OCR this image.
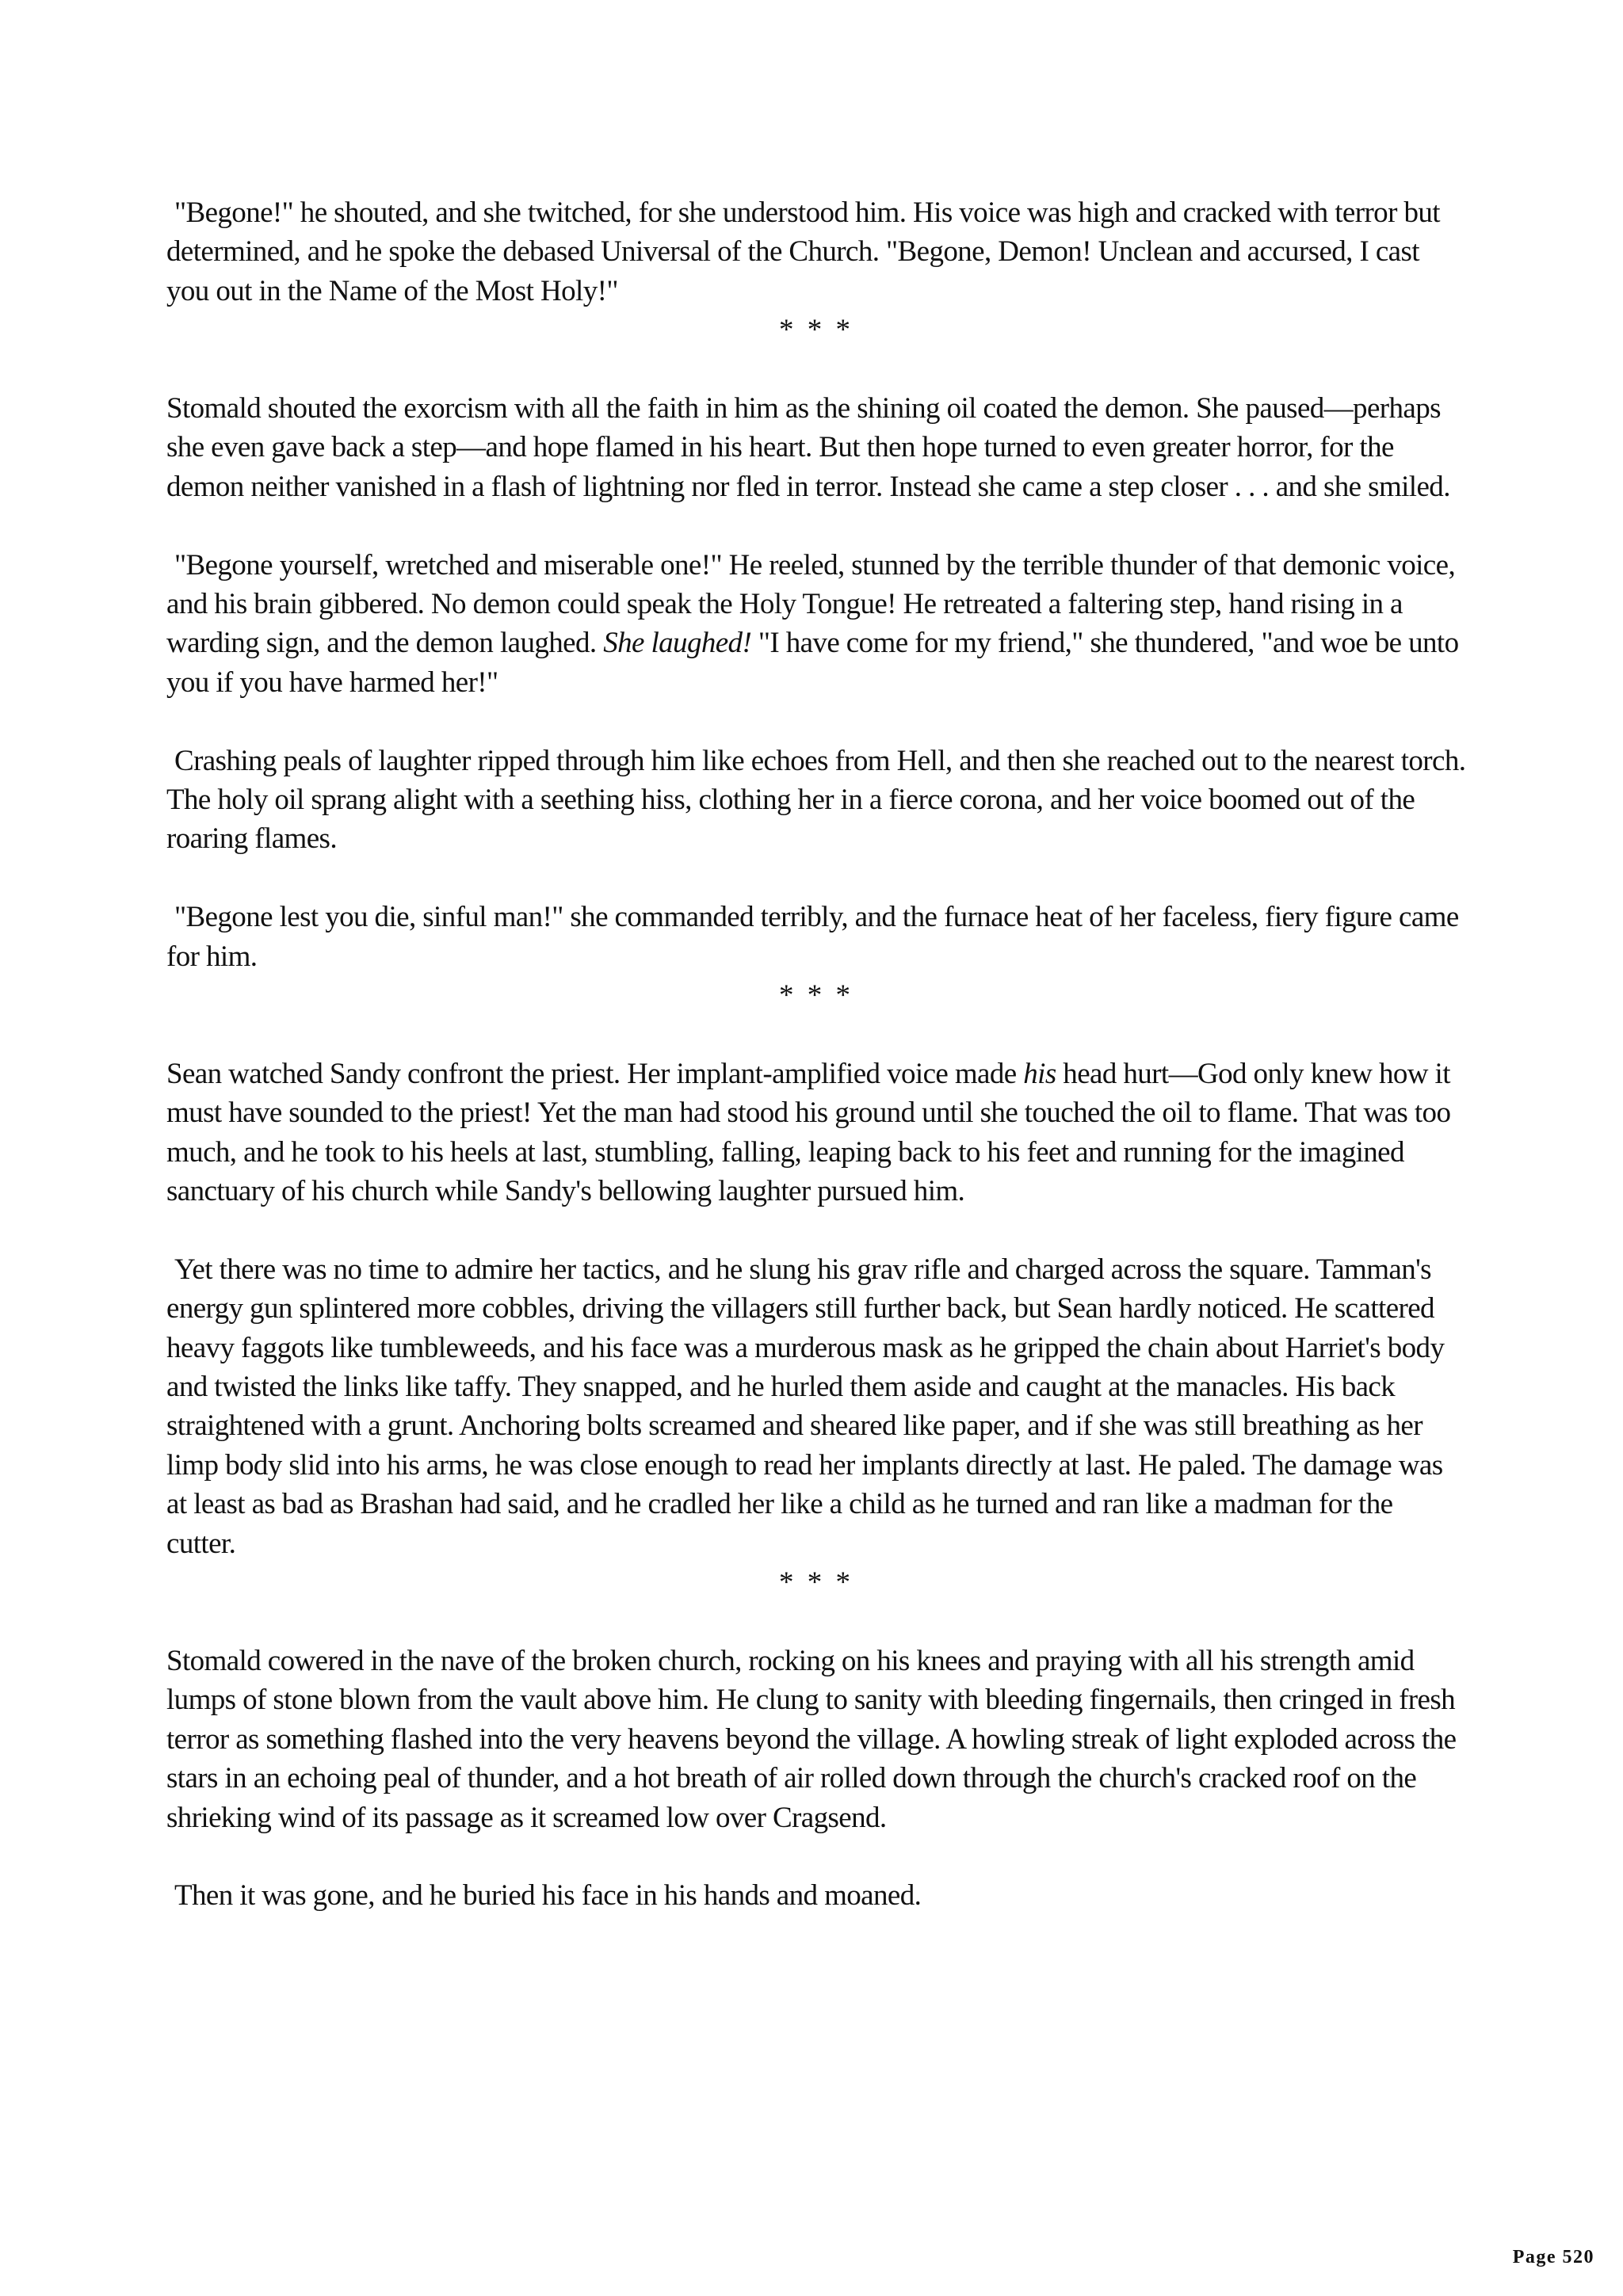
"Begone!" he shouted, and she twitched, for she understood him. His voice was high and cracked with terror but determined, and he spoke the debased Universal of the Church. "Begone, Demon! Unclean and accursed, I cast you out in the Name of the Most Holy!"

* * *

Stomald shouted the exorcism with all the faith in him as the shining oil coated the demon. She paused—perhaps she even gave back a step—and hope flamed in his heart. But then hope turned to even greater horror, for the demon neither vanished in a flash of lightning nor fled in terror. Instead she came a step closer . . . and she smiled.

"Begone yourself, wretched and miserable one!" He reeled, stunned by the terrible thunder of that demonic voice, and his brain gibbered. No demon could speak the Holy Tongue! He retreated a faltering step, hand rising in a warding sign, and the demon laughed. She laughed! "I have come for my friend," she thundered, "and woe be unto you if you have harmed her!"

Crashing peals of laughter ripped through him like echoes from Hell, and then she reached out to the nearest torch. The holy oil sprang alight with a seething hiss, clothing her in a fierce corona, and her voice boomed out of the roaring flames.

"Begone lest you die, sinful man!" she commanded terribly, and the furnace heat of her faceless, fiery figure came for him.

* * *

Sean watched Sandy confront the priest. Her implant-amplified voice made his head hurt—God only knew how it must have sounded to the priest! Yet the man had stood his ground until she touched the oil to flame. That was too much, and he took to his heels at last, stumbling, falling, leaping back to his feet and running for the imagined sanctuary of his church while Sandy's bellowing laughter pursued him.

Yet there was no time to admire her tactics, and he slung his grav rifle and charged across the square. Tamman's energy gun splintered more cobbles, driving the villagers still further back, but Sean hardly noticed. He scattered heavy faggots like tumbleweeds, and his face was a murderous mask as he gripped the chain about Harriet's body and twisted the links like taffy. They snapped, and he hurled them aside and caught at the manacles. His back straightened with a grunt. Anchoring bolts screamed and sheared like paper, and if she was still breathing as her limp body slid into his arms, he was close enough to read her implants directly at last. He paled. The damage was at least as bad as Brashan had said, and he cradled her like a child as he turned and ran like a madman for the cutter.

* * *

Stomald cowered in the nave of the broken church, rocking on his knees and praying with all his strength amid lumps of stone blown from the vault above him. He clung to sanity with bleeding fingernails, then cringed in fresh terror as something flashed into the very heavens beyond the village. A howling streak of light exploded across the stars in an echoing peal of thunder, and a hot breath of air rolled down through the church's cracked roof on the shrieking wind of its passage as it screamed low over Cragsend.

Then it was gone, and he buried his face in his hands and moaned.

Page 520
